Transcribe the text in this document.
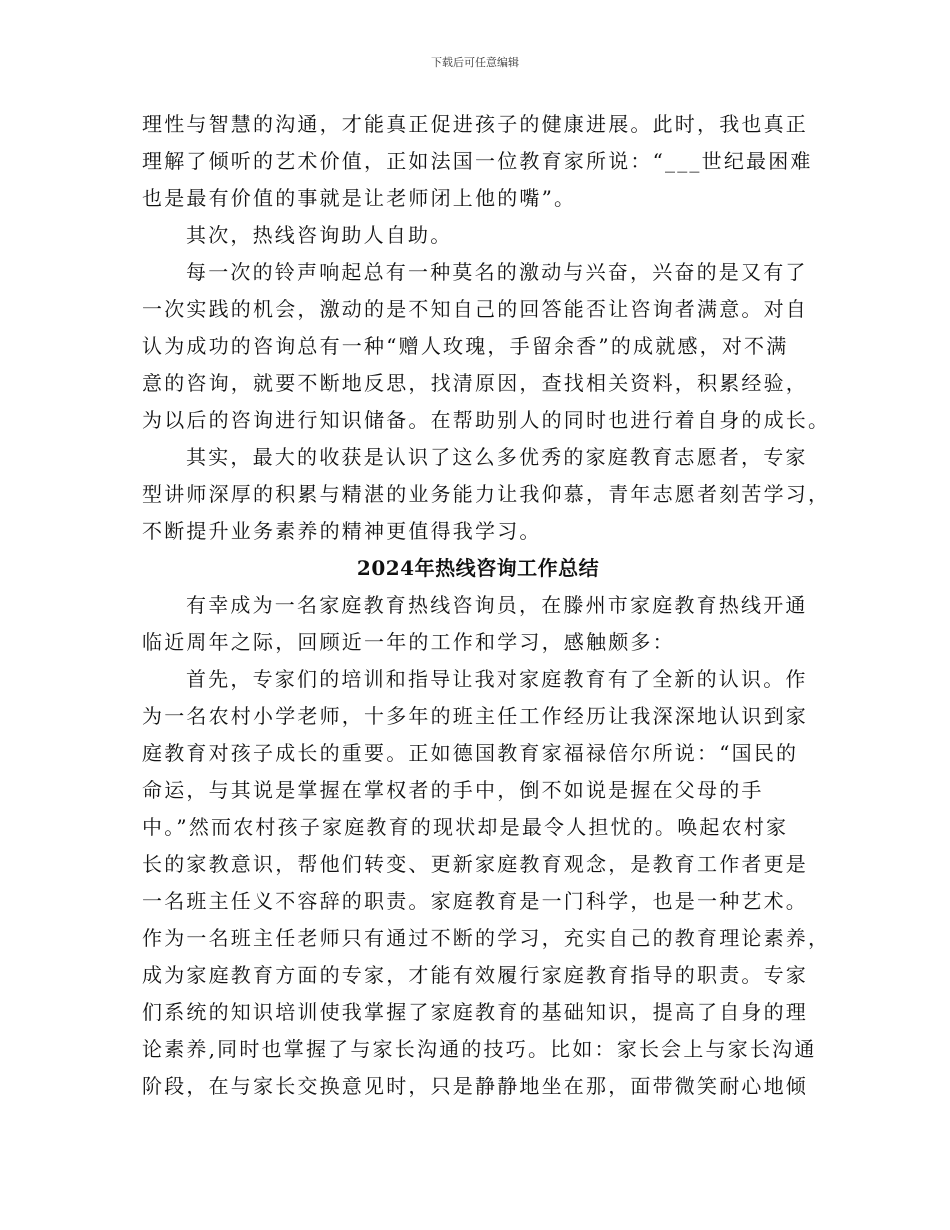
下载后可任意编辑
理性与智慧的沟通，才能真正促进孩子的健康进展。此时，我也真正
理解了倾听的艺术价值，正如法国一位教育家所说：“___世纪最困难
也是最有价值的事就是让老师闭上他的嘴”。
其次，热线咨询助人自助。
每一次的铃声响起总有一种莫名的激动与兴奋，兴奋的是又有了
一次实践的机会，激动的是不知自己的回答能否让咨询者满意。对自
认为成功的咨询总有一种“赠人玫瑰，手留余香”的成就感，对不满
意的咨询，就要不断地反思，找清原因，查找相关资料，积累经验，
为以后的咨询进行知识储备。在帮助别人的同时也进行着自身的成长。
其实，最大的收获是认识了这么多优秀的家庭教育志愿者，专家
型讲师深厚的积累与精湛的业务能力让我仰慕，青年志愿者刻苦学习，
不断提升业务素养的精神更值得我学习。
2024年热线咨询工作总结
有幸成为一名家庭教育热线咨询员，在滕州市家庭教育热线开通
临近周年之际，回顾近一年的工作和学习，感触颇多：
首先，专家们的培训和指导让我对家庭教育有了全新的认识。作
为一名农村小学老师，十多年的班主任工作经历让我深深地认识到家
庭教育对孩子成长的重要。正如德国教育家福禄倍尔所说：“国民的
命运，与其说是掌握在掌权者的手中，倒不如说是握在父母的手
中。”然而农村孩子家庭教育的现状却是最令人担忧的。唤起农村家
长的家教意识，帮他们转变、更新家庭教育观念，是教育工作者更是
一名班主任义不容辞的职责。家庭教育是一门科学，也是一种艺术。
作为一名班主任老师只有通过不断的学习，充实自己的教育理论素养，
成为家庭教育方面的专家，才能有效履行家庭教育指导的职责。专家
们系统的知识培训使我掌握了家庭教育的基础知识，提高了自身的理
论素养,同时也掌握了与家长沟通的技巧。比如：家长会上与家长沟通
阶段，在与家长交换意见时，只是静静地坐在那，面带微笑耐心地倾
